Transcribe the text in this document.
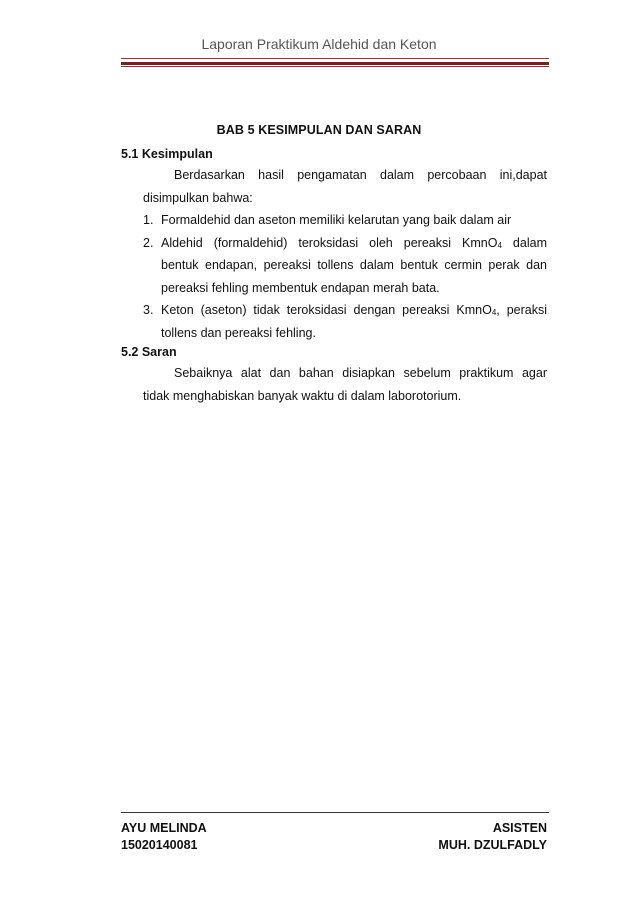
Laporan Praktikum Aldehid dan Keton
BAB 5 KESIMPULAN DAN SARAN
5.1 Kesimpulan
Berdasarkan hasil pengamatan dalam percobaan ini,dapat
disimpulkan bahwa:
1. Formaldehid dan aseton memiliki kelarutan yang baik dalam air
2. Aldehid (formaldehid) teroksidasi oleh pereaksi KmnO$_4$ dalam
bentuk endapan, pereaksi tollens dalam bentuk cermin perak dan
pereaksi fehling membentuk endapan merah bata.
3. Keton (aseton) tidak teroksidasi dengan pereaksi KmnO$_4$, peraksi
tollens dan pereaksi fehling.
5.2 Saran
Sebaiknya alat dan bahan disiapkan sebelum praktikum agar
tidak menghabiskan banyak waktu di dalam laborotorium.
AYU MELINDA
15020140081
ASISTEN
MUH. DZULFADLY
